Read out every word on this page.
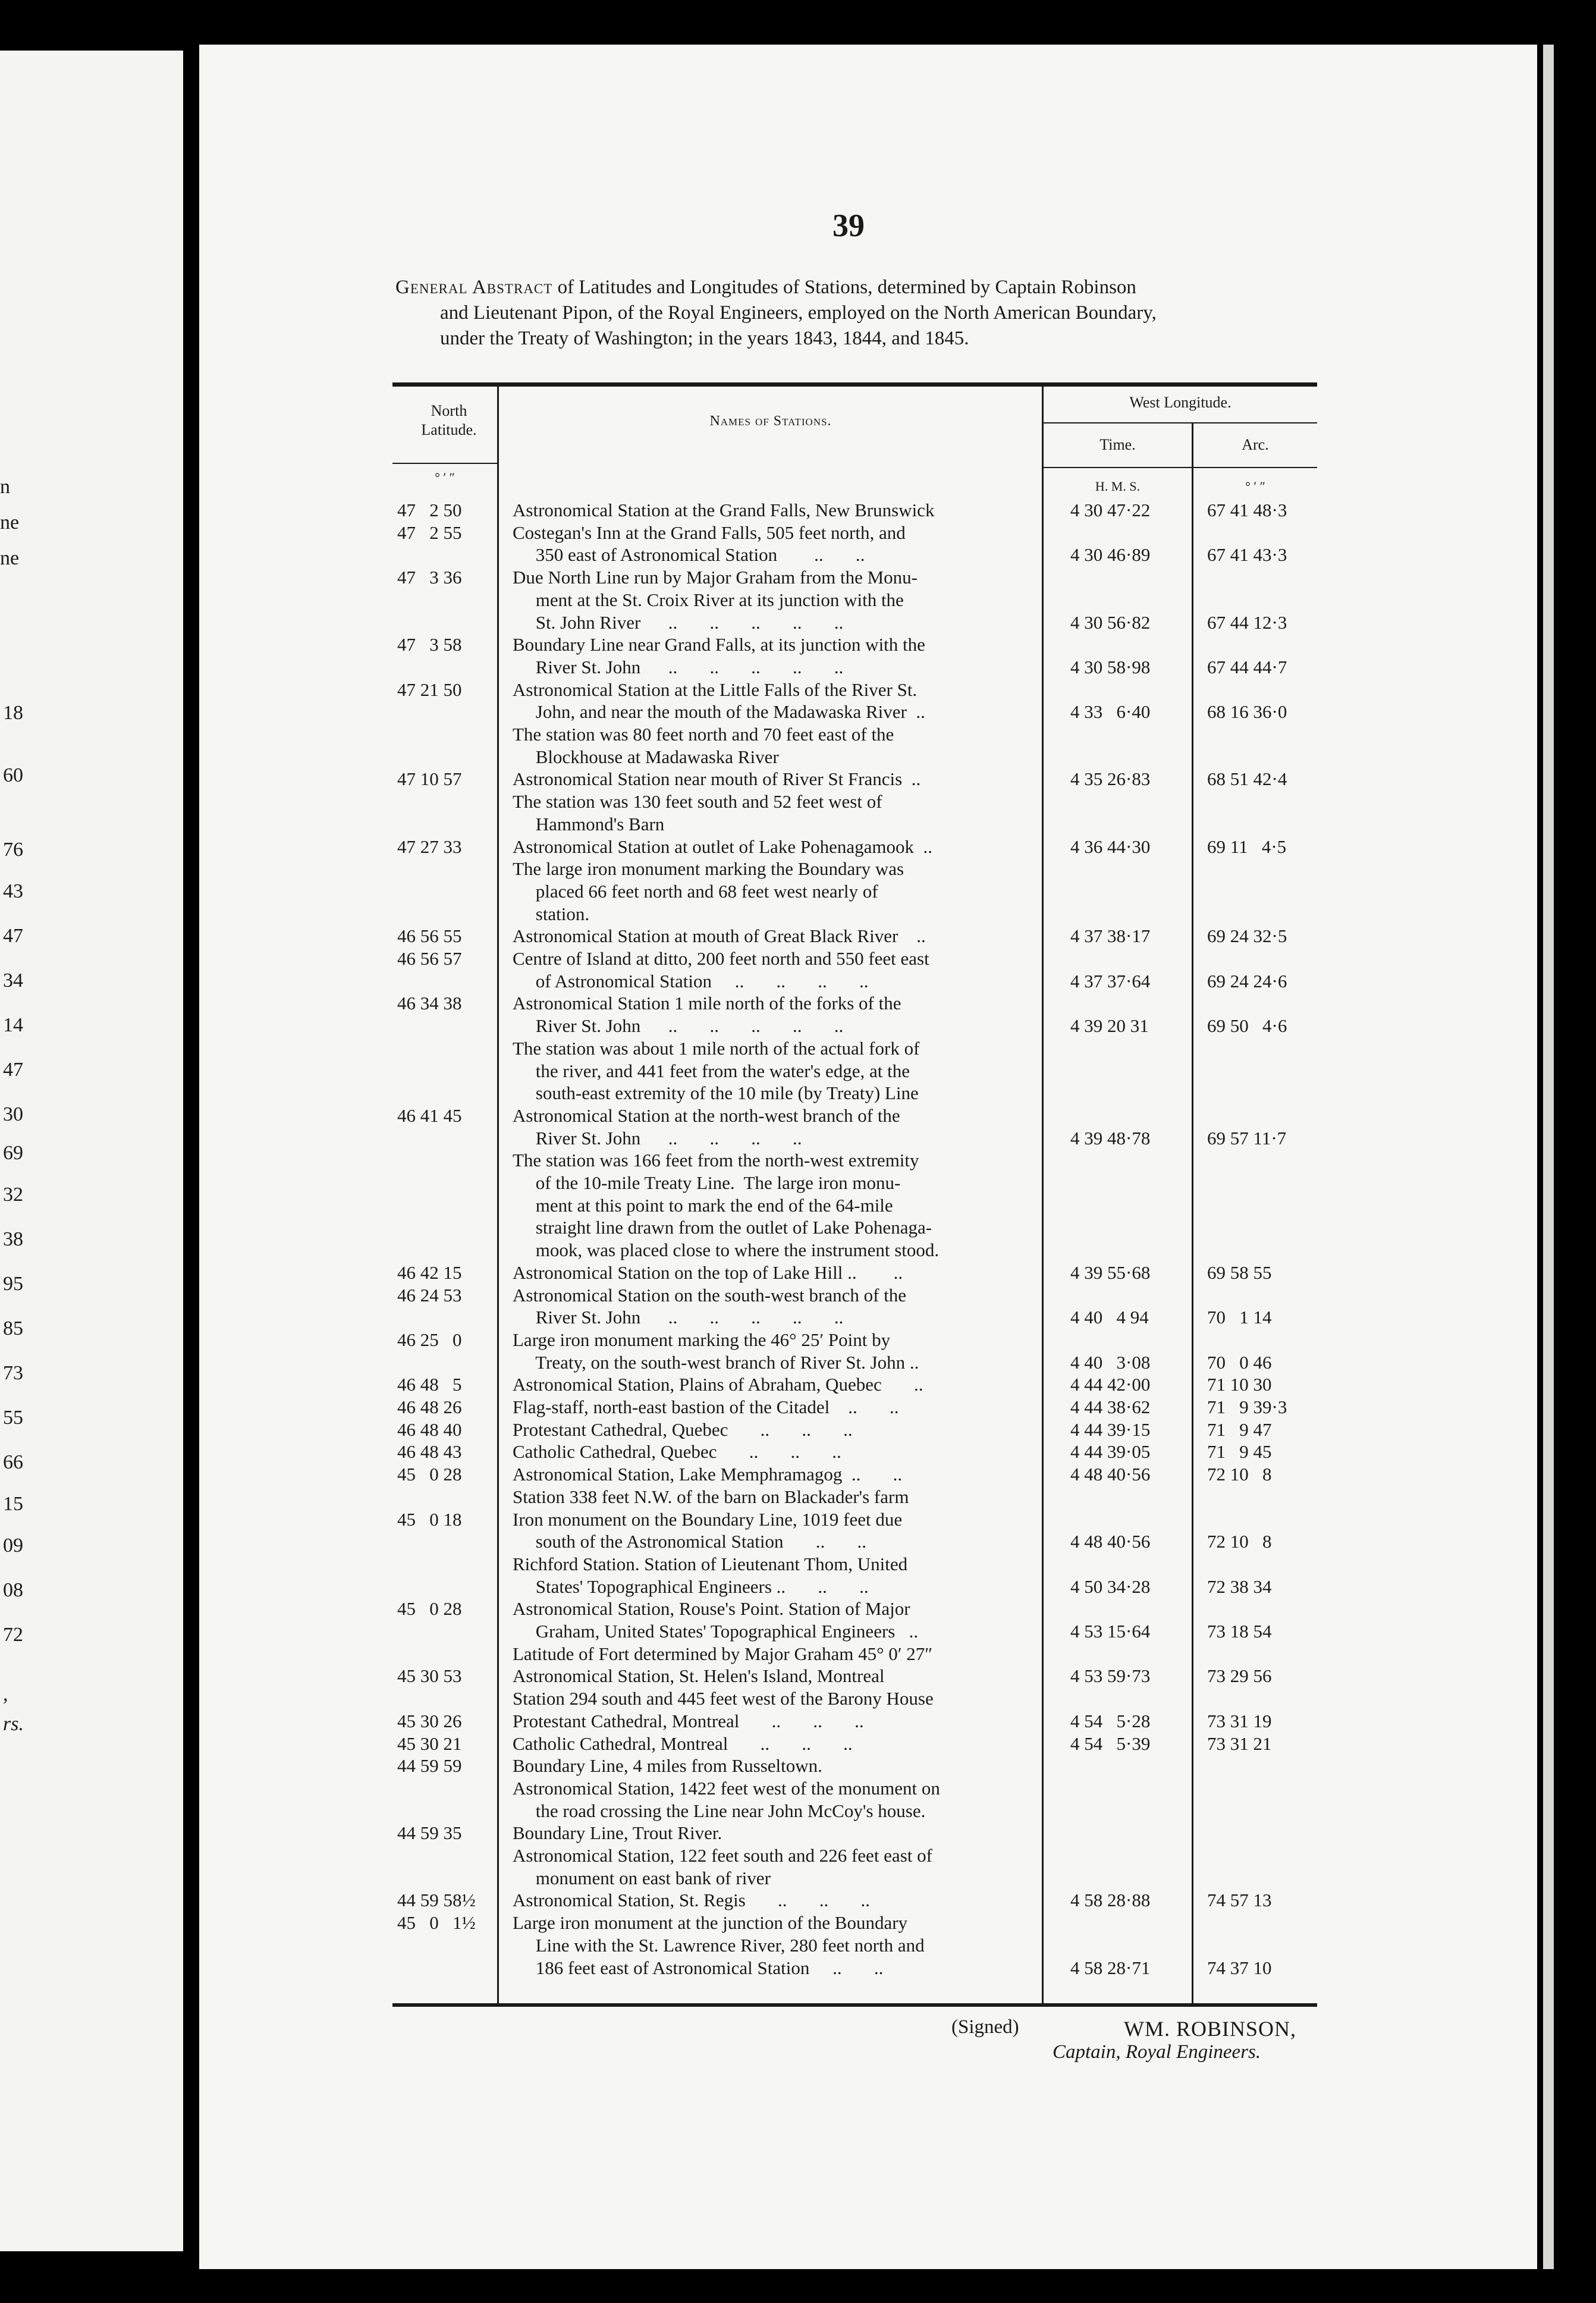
39
General Abstract of Latitudes and Longitudes of Stations, determined by Captain Robinson
and Lieutenant Pipon, of the Royal Engineers, employed on the North American Boundary,
under the Treaty of Washington; in the years 1843, 1844, and 1845.
North Latitude.	Names of Stations.
West Longitude.
Time.	Arc.
° ′ ″
H. M. S.	° ′ ″
47   2 50	Astronomical Station at the Grand Falls, New Brunswick	4 30 47·22	67 41 48·3
47   2 55	Costegan's Inn at the Grand Falls, 505 feet north, and
350 east of Astronomical Station        ..       ..	4 30 46·89	67 41 43·3
47   3 36	Due North Line run by Major Graham from the Monu-
ment at the St. Croix River at its junction with the
St. John River      ..       ..       ..       ..       ..	4 30 56·82	67 44 12·3
47   3 58	Boundary Line near Grand Falls, at its junction with the
River St. John      ..       ..       ..       ..       ..	4 30 58·98	67 44 44·7
47 21 50	Astronomical Station at the Little Falls of the River St.
John, and near the mouth of the Madawaska River  ..	4 33   6·40	68 16 36·0
The station was 80 feet north and 70 feet east of the
Blockhouse at Madawaska River
47 10 57	Astronomical Station near mouth of River St Francis  ..	4 35 26·83	68 51 42·4
The station was 130 feet south and 52 feet west of
Hammond's Barn
47 27 33	Astronomical Station at outlet of Lake Pohenagamook  ..	4 36 44·30	69 11   4·5
The large iron monument marking the Boundary was
placed 66 feet north and 68 feet west nearly of
station.
46 56 55	Astronomical Station at mouth of Great Black River    ..	4 37 38·17	69 24 32·5
46 56 57	Centre of Island at ditto, 200 feet north and 550 feet east
of Astronomical Station     ..       ..       ..       ..	4 37 37·64	69 24 24·6
46 34 38	Astronomical Station 1 mile north of the forks of the
River St. John      ..       ..       ..       ..       ..	4 39 20 31	69 50   4·6
The station was about 1 mile north of the actual fork of
the river, and 441 feet from the water's edge, at the
south-east extremity of the 10 mile (by Treaty) Line
46 41 45	Astronomical Station at the north-west branch of the
River St. John      ..       ..       ..       ..	4 39 48·78	69 57 11·7
The station was 166 feet from the north-west extremity
of the 10-mile Treaty Line.  The large iron monu-
ment at this point to mark the end of the 64-mile
straight line drawn from the outlet of Lake Pohenaga-
mook, was placed close to where the instrument stood.
46 42 15	Astronomical Station on the top of Lake Hill ..        ..	4 39 55·68	69 58 55
46 24 53	Astronomical Station on the south-west branch of the
River St. John      ..       ..       ..       ..       ..	4 40   4 94	70   1 14
46 25   0	Large iron monument marking the 46° 25′ Point by
Treaty, on the south-west branch of River St. John ..	4 40   3·08	70   0 46
46 48   5	Astronomical Station, Plains of Abraham, Quebec       ..	4 44 42·00	71 10 30
46 48 26	Flag-staff, north-east bastion of the Citadel    ..       ..	4 44 38·62	71   9 39·3
46 48 40	Protestant Cathedral, Quebec       ..       ..       ..	4 44 39·15	71   9 47
46 48 43	Catholic Cathedral, Quebec       ..       ..       ..	4 44 39·05	71   9 45
45   0 28	Astronomical Station, Lake Memphramagog  ..       ..	4 48 40·56	72 10   8
Station 338 feet N.W. of the barn on Blackader's farm
45   0 18	Iron monument on the Boundary Line, 1019 feet due
south of the Astronomical Station       ..       ..	4 48 40·56	72 10   8
Richford Station. Station of Lieutenant Thom, United
States' Topographical Engineers ..       ..       ..	4 50 34·28	72 38 34
45   0 28	Astronomical Station, Rouse's Point. Station of Major
Graham, United States' Topographical Engineers   ..	4 53 15·64	73 18 54
Latitude of Fort determined by Major Graham 45° 0′ 27″
45 30 53	Astronomical Station, St. Helen's Island, Montreal	4 53 59·73	73 29 56
Station 294 south and 445 feet west of the Barony House
45 30 26	Protestant Cathedral, Montreal       ..       ..       ..	4 54   5·28	73 31 19
45 30 21	Catholic Cathedral, Montreal       ..       ..       ..	4 54   5·39	73 31 21
44 59 59	Boundary Line, 4 miles from Russeltown.
Astronomical Station, 1422 feet west of the monument on
the road crossing the Line near John McCoy's house.
44 59 35	Boundary Line, Trout River.
Astronomical Station, 122 feet south and 226 feet east of
monument on east bank of river
44 59 58½ Astronomical Station, St. Regis       ..       ..       ..	4 58 28·88	74 57 13
45   0   1½ Large iron monument at the junction of the Boundary
Line with the St. Lawrence River, 280 feet north and
186 feet east of Astronomical Station     ..       ..	4 58 28·71	74 37 10
(Signed)	WM. ROBINSON,
Captain, Royal Engineers.
n
ne
ne
18
60
76
43
47
34
14
47
30
69
32
38
95
85
73
55
66
15
09
08
72
,
rs.
